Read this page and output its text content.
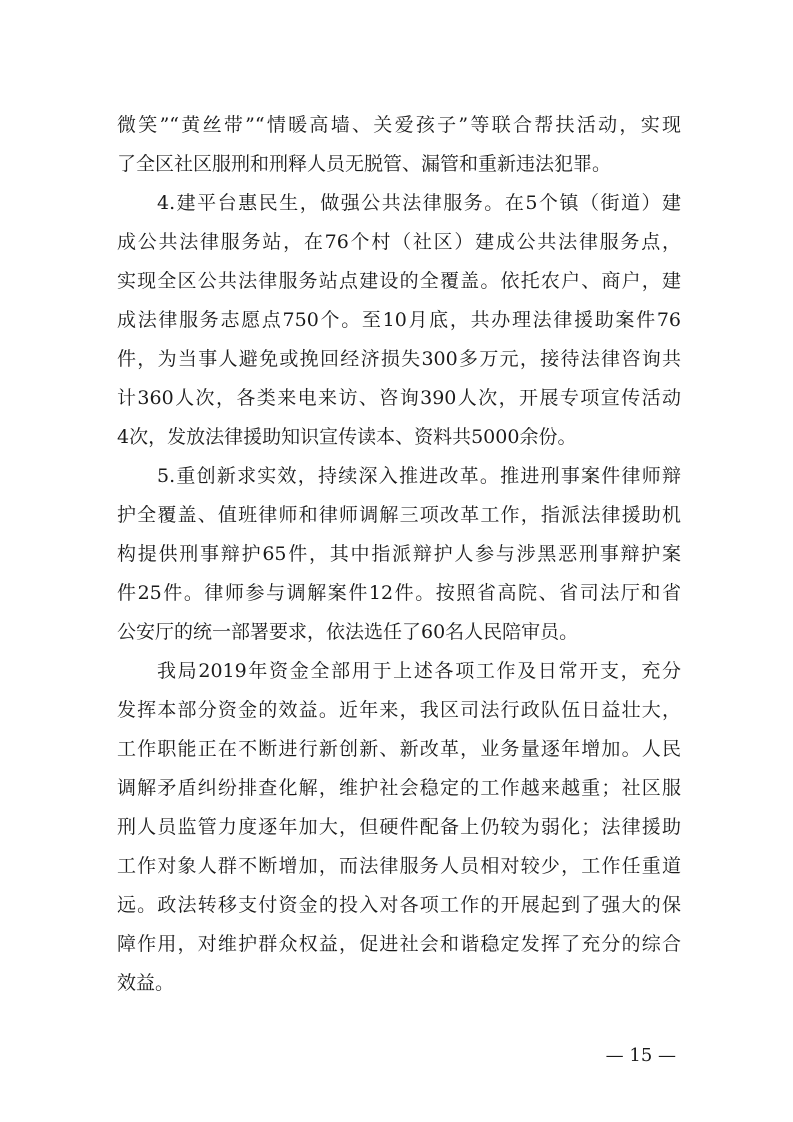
微笑”“黄丝带”“情暖高墙、关爱孩子”等联合帮扶活动，实现
了全区社区服刑和刑释人员无脱管、漏管和重新违法犯罪。
4.建平台惠民生，做强公共法律服务。在5个镇（街道）建
成公共法律服务站，在76个村（社区）建成公共法律服务点，
实现全区公共法律服务站点建设的全覆盖。依托农户、商户，建
成法律服务志愿点750个。至10月底，共办理法律援助案件76
件，为当事人避免或挽回经济损失300多万元，接待法律咨询共
计360人次，各类来电来访、咨询390人次，开展专项宣传活动
4次，发放法律援助知识宣传读本、资料共5000余份。
5.重创新求实效，持续深入推进改革。推进刑事案件律师辩
护全覆盖、值班律师和律师调解三项改革工作，指派法律援助机
构提供刑事辩护65件，其中指派辩护人参与涉黑恶刑事辩护案
件25件。律师参与调解案件12件。按照省高院、省司法厅和省
公安厅的统一部署要求，依法选任了60名人民陪审员。
我局2019年资金全部用于上述各项工作及日常开支，充分
发挥本部分资金的效益。近年来，我区司法行政队伍日益壮大，
工作职能正在不断进行新创新、新改革，业务量逐年增加。人民
调解矛盾纠纷排查化解，维护社会稳定的工作越来越重；社区服
刑人员监管力度逐年加大，但硬件配备上仍较为弱化；法律援助
工作对象人群不断增加，而法律服务人员相对较少，工作任重道
远。政法转移支付资金的投入对各项工作的开展起到了强大的保
障作用，对维护群众权益，促进社会和谐稳定发挥了充分的综合
效益。
— 15 —
